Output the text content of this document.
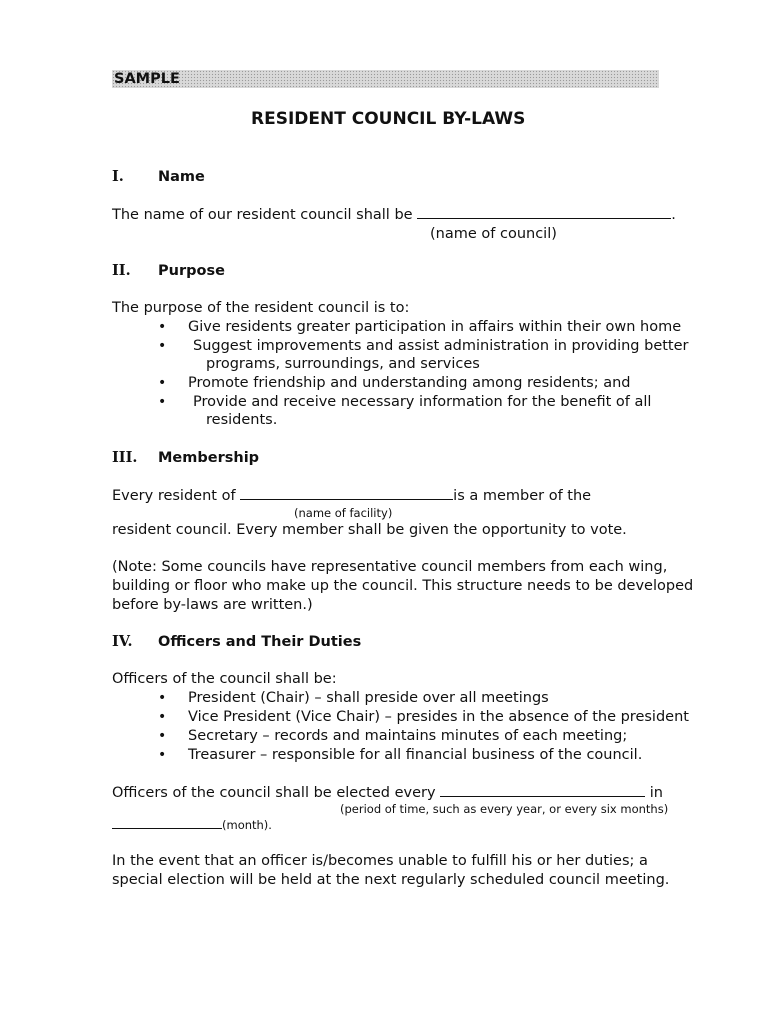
SAMPLE
RESIDENT COUNCIL BY-LAWS
I. Name
The name of our resident council shall be	.
(name of council)
II. Purpose
The purpose of the resident council is to:
• Give residents greater participation in affairs within their own home
• Suggest improvements and assist administration in providing better
programs, surroundings, and services
• Promote friendship and understanding among residents; and
• Provide and receive necessary information for the benefit of all
residents.
III. Membership
Every resident of	is a member of the
(name of facility)
resident council. Every member shall be given the opportunity to vote.
(Note: Some councils have representative council members from each wing,
building or floor who make up the council. This structure needs to be developed
before by-laws are written.)
IV. Officers and Their Duties
Officers of the council shall be:
• President (Chair) – shall preside over all meetings
• Vice President (Vice Chair) – presides in the absence of the president
• Secretary – records and maintains minutes of each meeting;
• Treasurer – responsible for all financial business of the council.
Officers of the council shall be elected every	in
(period of time, such as every year, or every six months)
(month).
In the event that an officer is/becomes unable to fulfill his or her duties; a
special election will be held at the next regularly scheduled council meeting.
